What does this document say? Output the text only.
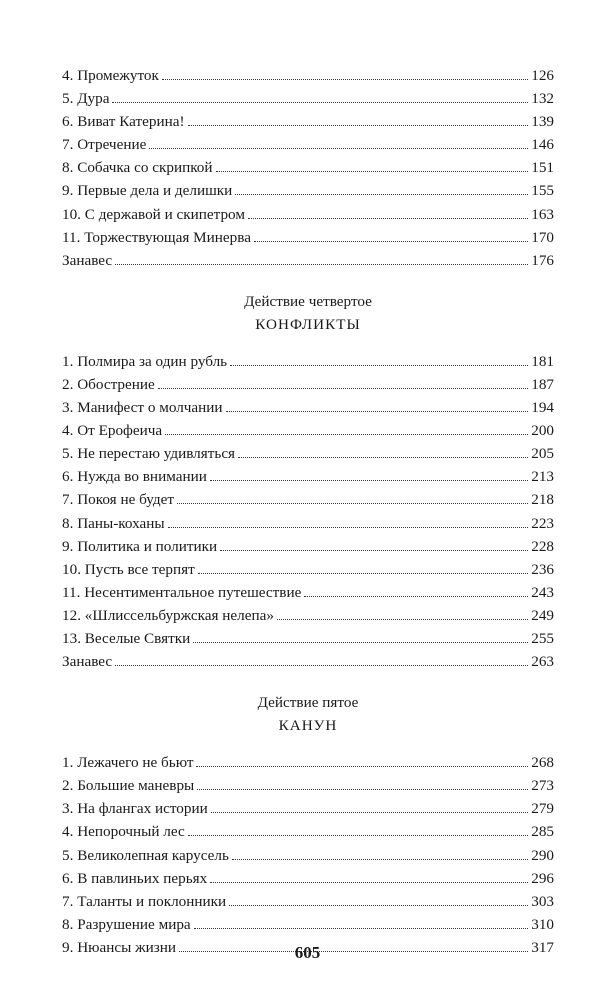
4. Промежуток	126
5. Дура	132
6. Виват Катерина!	139
7. Отречение	146
8. Собачка со скрипкой	151
9. Первые дела и делишки	155
10. С державой и скипетром	163
11. Торжествующая Минерва	170
Занавес	176
Действие четвертое
КОНФЛИКТЫ
1. Полмира за один рубль	181
2. Обострение	187
3. Манифест о молчании	194
4. От Ерофеича	200
5. Не перестаю удивляться	205
6. Нужда во внимании	213
7. Покоя не будет	218
8. Паны-коханы	223
9. Политика и политики	228
10. Пусть все терпят	236
11. Несентиментальное путешествие	243
12. «Шлиссельбуржская нелепа»	249
13. Веселые Святки	255
Занавес	263
Действие пятое
КАНУН
1. Лежачего не бьют	268
2. Большие маневры	273
3. На флангах истории	279
4. Непорочный лес	285
5. Великолепная карусель	290
6. В павлиньих перьях	296
7. Таланты и поклонники	303
8. Разрушение мира	310
9. Нюансы жизни	317
605
